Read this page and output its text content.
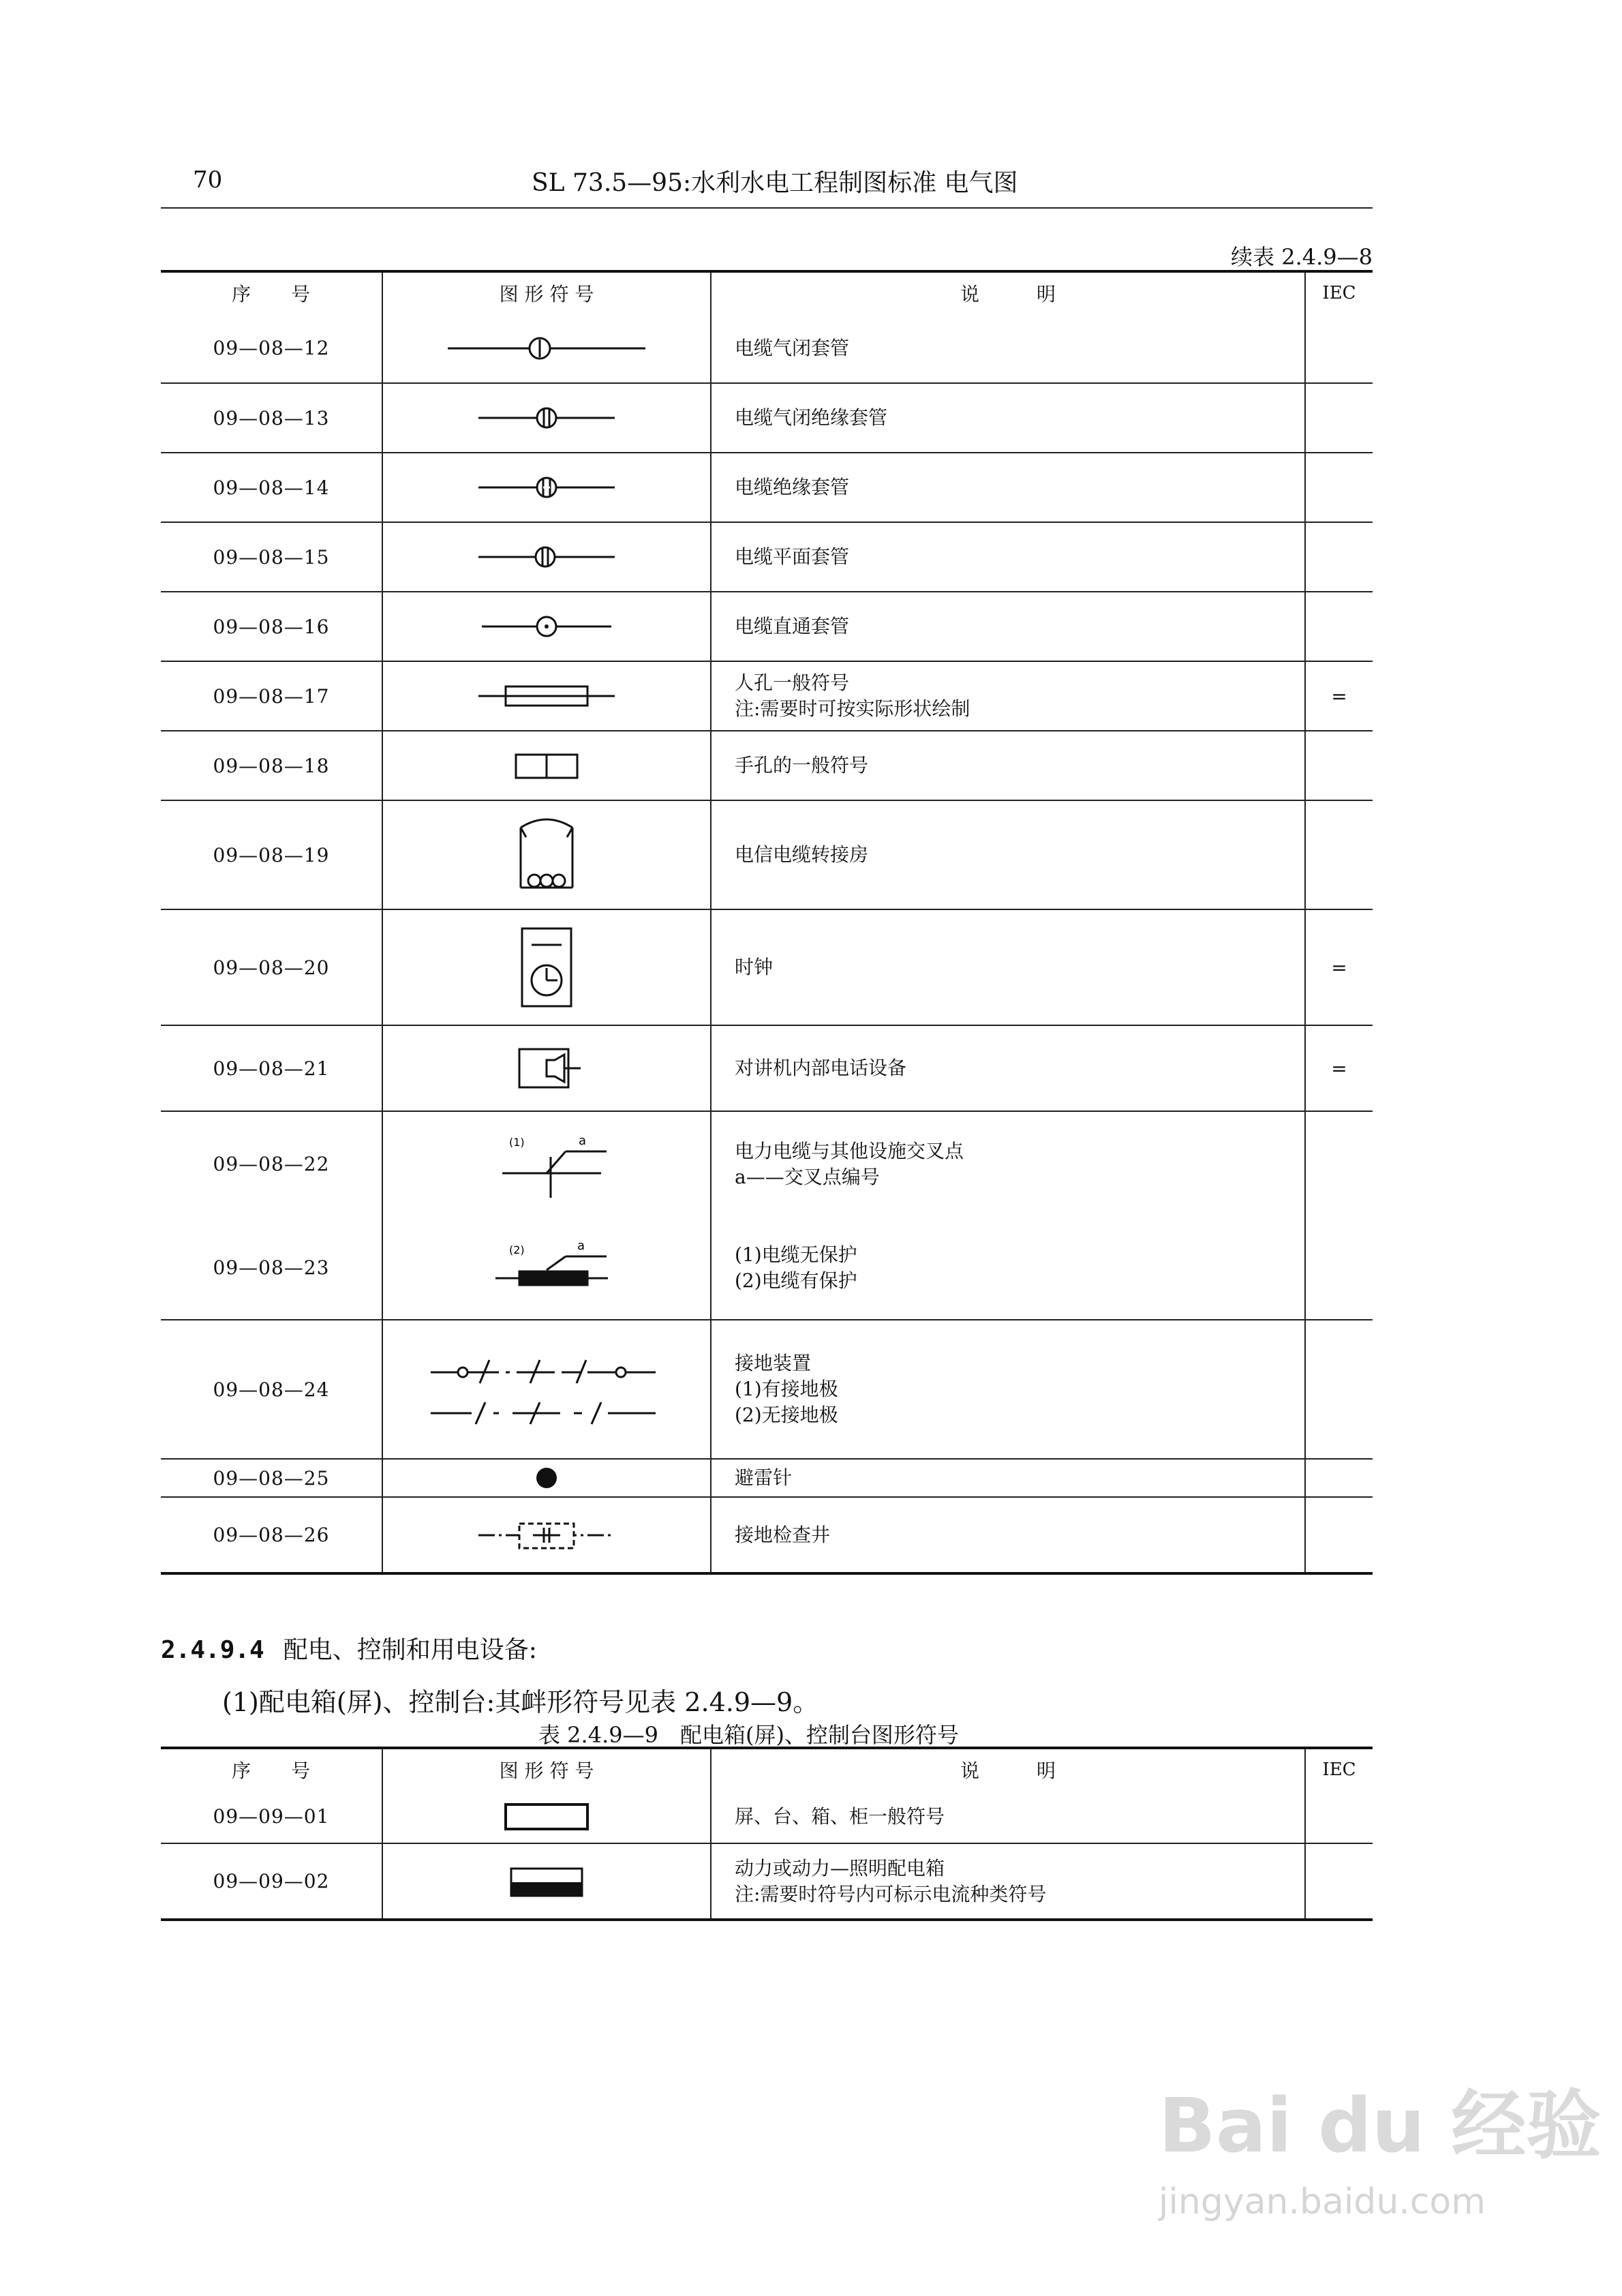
70	SL 73.5—95:水利水电工程制图标准 电气图
续表 2.4.9—8
序　　号	图 形 符 号	说　　　明	IEC
09—08—12		电缆气闭套管	

09—08—13		电缆气闭绝缘套管	

09—08—14		电缆绝缘套管	

09—08—15		电缆平面套管	

09—08—16		电缆直通套管	

09—08—17		人孔一般符号
注:需要时可按实际形状绘制	=
09—08—18		手孔的一般符号	

09—08—19		电信电缆转接房	

09—08—20		时钟	=
09—08—21		对讲机内部电话设备	=
09—08—22	(1) a	电力电缆与其他设施交叉点
a——交叉点编号	

09—08—23	(2) a	(1)电缆无保护
(2)电缆有保护	

09—08—24		接地装置
(1)有接地极
(2)无接地极	

09—08—25		避雷针	

09—08—26		接地检查井	

2.4.9.4 配电、控制和用电设备:
(1)配电箱(屏)、控制台:其衅形符号见表 2.4.9—9。
表 2.4.9—9　配电箱(屏)、控制台图形符号
序　　号	图 形 符 号	说　　　明	IEC
09—09—01		屏、台、箱、柜一般符号	

09—09—02		动力或动力—照明配电箱
注:需要时符号内可标示电流种类符号	

Bai du 经验
jingyan.baidu.com
